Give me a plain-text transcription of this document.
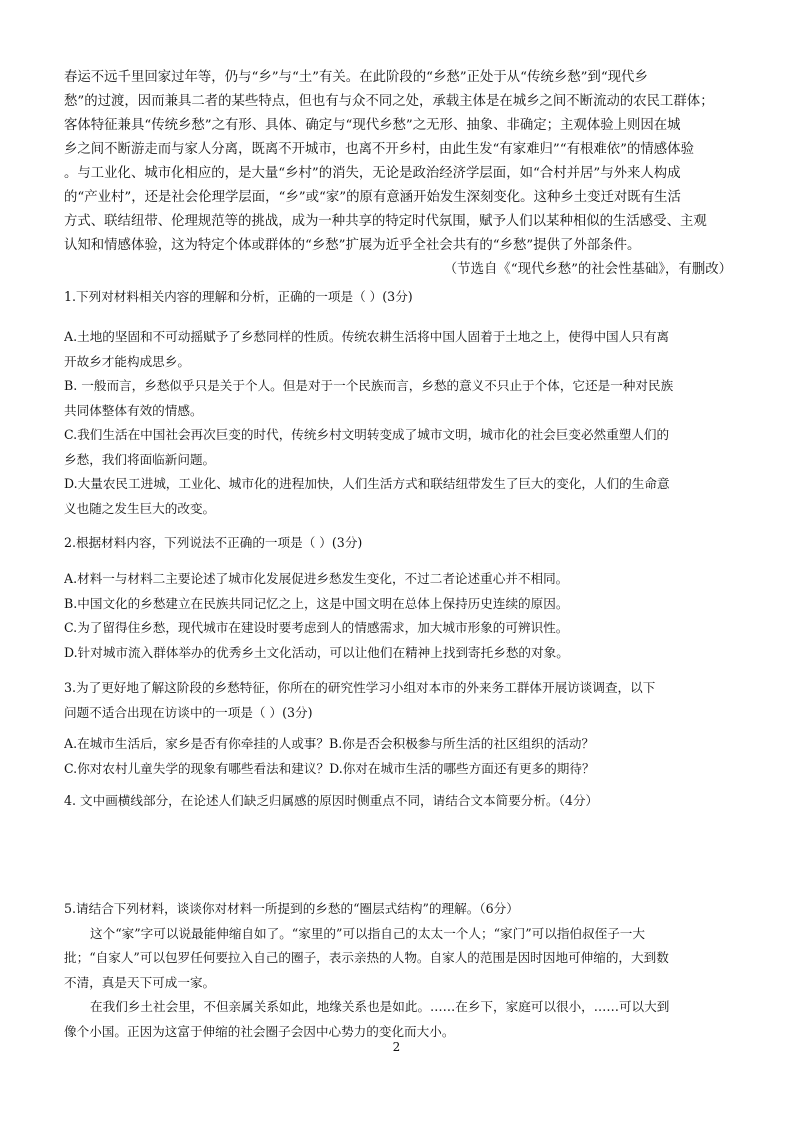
春运不远千里回家过年等，仍与“乡”与“土”有关。在此阶段的“乡愁”正处于从“传统乡愁”到“现代乡
愁”的过渡，因而兼具二者的某些特点，但也有与众不同之处，承载主体是在城乡之间不断流动的农民工群体；
客体特征兼具“传统乡愁”之有形、具体、确定与“现代乡愁”之无形、抽象、非确定；主观体验上则因在城
乡之间不断游走而与家人分离，既离不开城市，也离不开乡村，由此生发“有家难归”“有根难依”的情感体验
。与工业化、城市化相应的，是大量“乡村”的消失，无论是政治经济学层面，如“合村并居”与外来人构成
的“产业村”，还是社会伦理学层面，“乡”或“家”的原有意涵开始发生深刻变化。这种乡土变迁对既有生活
方式、联结纽带、伦理规范等的挑战，成为一种共享的特定时代氛围，赋予人们以某种相似的生活感受、主观
认知和情感体验，这为特定个体或群体的“乡愁”扩展为近乎全社会共有的“乡愁”提供了外部条件。
（节选自《“现代乡愁”的社会性基础》，有删改）
1.下列对材料相关内容的理解和分析，正确的一项是（ ）(3分)
A.土地的坚固和不可动摇赋予了乡愁同样的性质。传统农耕生活将中国人固着于土地之上，使得中国人只有离
开故乡才能构成思乡。
B. 一般而言，乡愁似乎只是关于个人。但是对于一个民族而言，乡愁的意义不只止于个体，它还是一种对民族
共同体整体有效的情感。
C.我们生活在中国社会再次巨变的时代，传统乡村文明转变成了城市文明，城市化的社会巨变必然重塑人们的
乡愁，我们将面临新问题。
D.大量农民工进城，工业化、城市化的进程加快，人们生活方式和联结纽带发生了巨大的变化，人们的生命意
义也随之发生巨大的改变。
2.根据材料内容，下列说法不正确的一项是（ ）(3分)
A.材料一与材料二主要论述了城市化发展促进乡愁发生变化，不过二者论述重心并不相同。
B.中国文化的乡愁建立在民族共同记忆之上，这是中国文明在总体上保持历史连续的原因。
C.为了留得住乡愁，现代城市在建设时要考虑到人的情感需求，加大城市形象的可辨识性。
D.针对城市流入群体举办的优秀乡土文化活动，可以让他们在精神上找到寄托乡愁的对象。
3.为了更好地了解这阶段的乡愁特征，你所在的研究性学习小组对本市的外来务工群体开展访谈调查，以下
问题不适合出现在访谈中的一项是（ ）(3分)
A.在城市生活后，家乡是否有你牵挂的人或事？B.你是否会积极参与所生活的社区组织的活动？
C.你对农村儿童失学的现象有哪些看法和建议？D.你对在城市生活的哪些方面还有更多的期待？
4. 文中画横线部分，在论述人们缺乏归属感的原因时侧重点不同，请结合文本简要分析。（4分）
5.请结合下列材料，谈谈你对材料一所提到的乡愁的“圈层式结构”的理解。（6分）
这个“家”字可以说最能伸缩自如了。“家里的”可以指自己的太太一个人；“家门”可以指伯叔侄子一大
批；“自家人”可以包罗任何要拉入自己的圈子，表示亲热的人物。自家人的范围是因时因地可伸缩的，大到数
不清，真是天下可成一家。
在我们乡土社会里，不但亲属关系如此，地缘关系也是如此。……在乡下，家庭可以很小，……可以大到
像个小国。正因为这富于伸缩的社会圈子会因中心势力的变化而大小。
2
